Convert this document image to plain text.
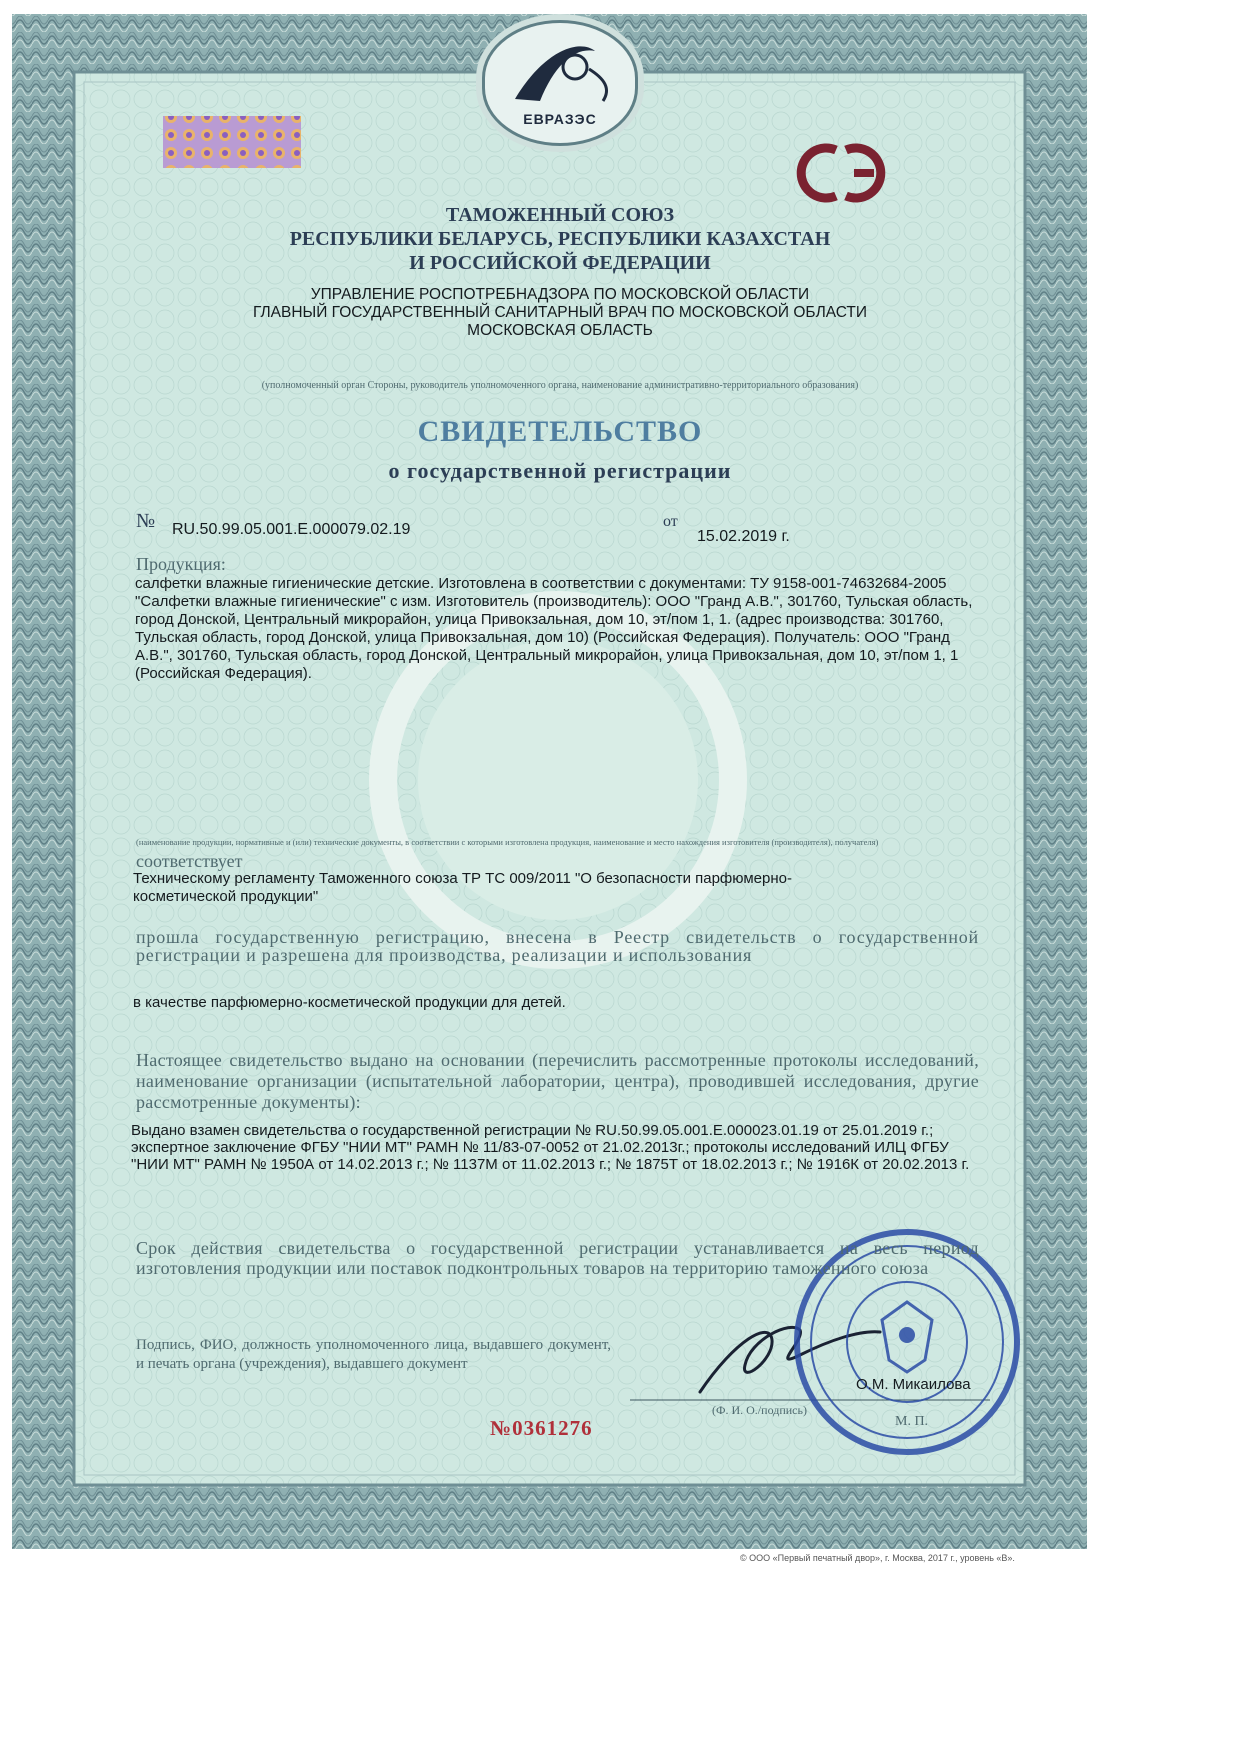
ЕВРАЗЭС
ТАМОЖЕННЫЙ СОЮЗ
РЕСПУБЛИКИ БЕЛАРУСЬ, РЕСПУБЛИКИ КАЗАХСТАН
И РОССИЙСКОЙ ФЕДЕРАЦИИ
УПРАВЛЕНИЕ РОСПОТРЕБНАДЗОРА ПО МОСКОВСКОЙ ОБЛАСТИ
ГЛАВНЫЙ ГОСУДАРСТВЕННЫЙ САНИТАРНЫЙ ВРАЧ ПО МОСКОВСКОЙ ОБЛАСТИ
МОСКОВСКАЯ ОБЛАСТЬ
(уполномоченный орган Стороны, руководитель уполномоченного органа, наименование административно-территориального образования)
СВИДЕТЕЛЬСТВО
о государственной регистрации
№ RU.50.99.05.001.Е.000079.02.19	от
15.02.2019 г.
Продукция:

салфетки влажные гигиенические детские. Изготовлена в соответствии с документами: ТУ 9158-001-74632684-2005 "Салфетки влажные гигиенические" с изм. Изготовитель (производитель): ООО "Гранд А.В.", 301760, Тульская область, город Донской, Центральный микрорайон, улица Привокзальная, дом 10, эт/пом 1, 1. (адрес производства: 301760, Тульская область, город Донской, улица Привокзальная, дом 10) (Российская Федерация). Получатель: ООО "Гранд А.В.", 301760, Тульская область, город Донской, Центральный микрорайон, улица Привокзальная, дом 10, эт/пом 1, 1 (Российская Федерация).

(наименование продукции, нормативные и (или) технические документы, в соответствии с которыми изготовлена продукция, наименование и место нахождения изготовителя (производителя), получателя)
соответствует

Техническому регламенту Таможенного союза ТР ТС 009/2011 "О безопасности парфюмерно-косметической продукции"

прошла государственную регистрацию, внесена в Реестр свидетельств о государственной регистрации и разрешена для производства, реализации и использования

в качестве парфюмерно-косметической продукции для детей.

Настоящее свидетельство выдано на основании (перечислить рассмотренные протоколы исследований, наименование организации (испытательной лаборатории, центра), проводившей исследования, другие рассмотренные документы):

Выдано взамен свидетельства о государственной регистрации № RU.50.99.05.001.Е.000023.01.19 от 25.01.2019 г.; экспертное заключение ФГБУ "НИИ МТ" РАМН № 11/83-07-0052 от 21.02.2013г.; протоколы исследований ИЛЦ ФГБУ "НИИ МТ" РАМН № 1950А от 14.02.2013 г.; № 1137М от 11.02.2013 г.; № 1875Т от 18.02.2013 г.; № 1916К от 20.02.2013 г.

Срок действия свидетельства о государственной регистрации устанавливается на весь период изготовления продукции или поставок подконтрольных товаров на территорию таможенного союза

Подпись, ФИО, должность уполномоченного лица, выдавшего документ, и печать органа (учреждения), выдавшего документ

О.М. Микаилова
(Ф. И. О./подпись)
М. П.
№0361276
© ООО «Первый печатный двор», г. Москва, 2017 г., уровень «В».
